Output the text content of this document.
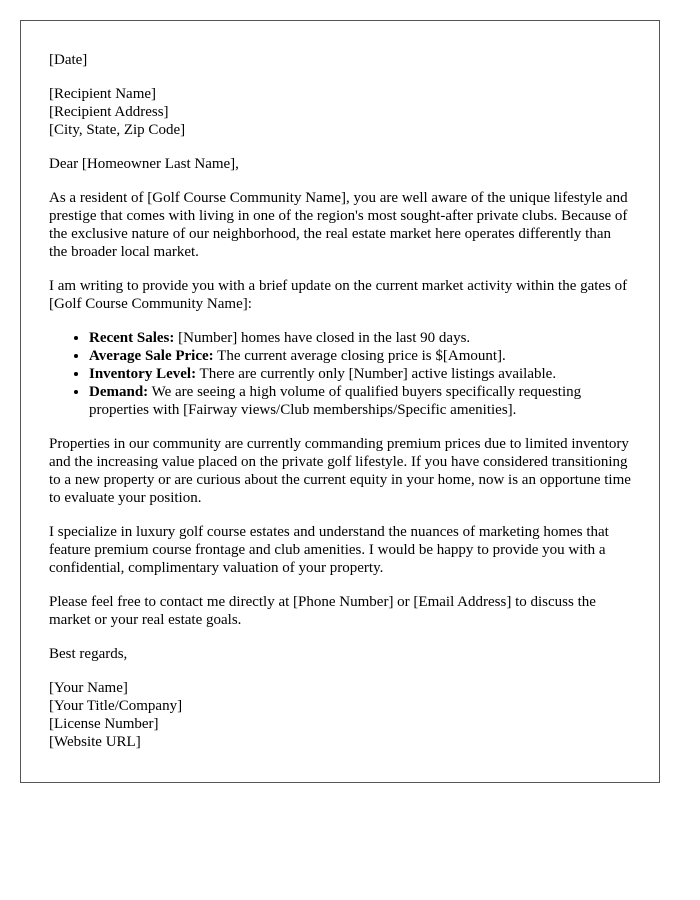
[Date]
[Recipient Name]
[Recipient Address]
[City, State, Zip Code]

Dear [Homeowner Last Name],

As a resident of [Golf Course Community Name], you are well aware of the unique lifestyle and prestige that comes with living in one of the region's most sought-after private clubs. Because of the exclusive nature of our neighborhood, the real estate market here operates differently than the broader local market.

I am writing to provide you with a brief update on the current market activity within the gates of [Golf Course Community Name]:

• Recent Sales: [Number] homes have closed in the last 90 days.
• Average Sale Price: The current average closing price is $[Amount].
• Inventory Level: There are currently only [Number] active listings available.
• Demand: We are seeing a high volume of qualified buyers specifically requesting properties with [Fairway views/Club memberships/Specific amenities].

Properties in our community are currently commanding premium prices due to limited inventory and the increasing value placed on the private golf lifestyle. If you have considered transitioning to a new property or are curious about the current equity in your home, now is an opportune time to evaluate your position.

I specialize in luxury golf course estates and understand the nuances of marketing homes that feature premium course frontage and club amenities. I would be happy to provide you with a confidential, complimentary valuation of your property.

Please feel free to contact me directly at [Phone Number] or [Email Address] to discuss the market or your real estate goals.

Best regards,

[Your Name]
[Your Title/Company]
[License Number]
[Website URL]
